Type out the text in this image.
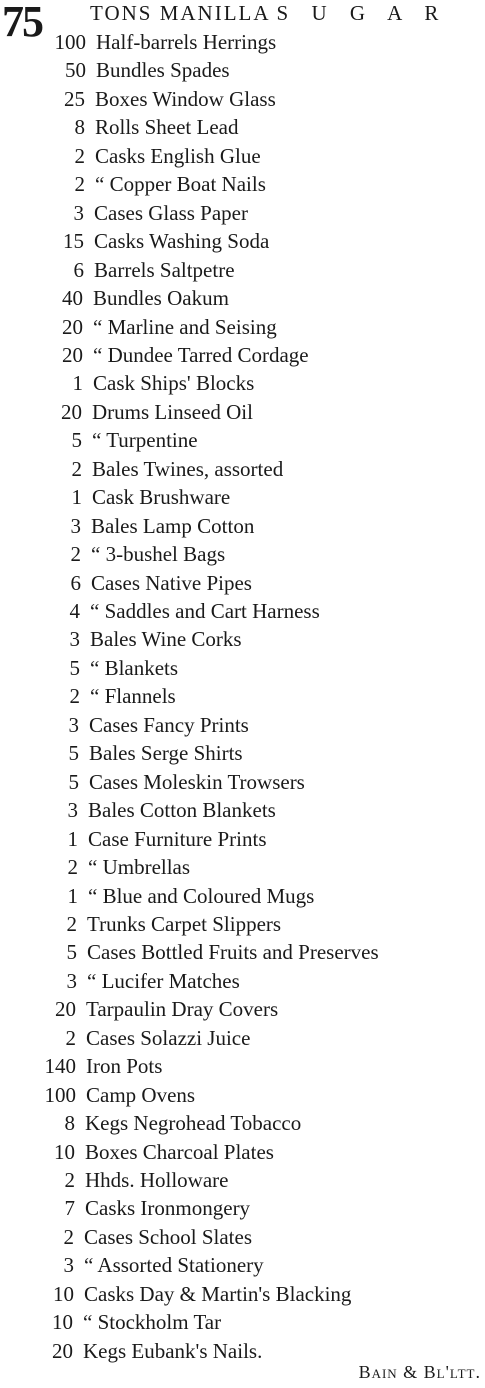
75 TONS MANILLA S U G A R
100 Half-barrels Herrings
50 Bundles Spades
25 Boxes Window Glass
8 Rolls Sheet Lead
2 Casks English Glue
2 “ Copper Boat Nails
3 Cases Glass Paper
15 Casks Washing Soda
6 Barrels Saltpetre
40 Bundles Oakum
20 “ Marline and Seising
20 “ Dundee Tarred Cordage
1 Cask Ships' Blocks
20 Drums Linseed Oil
5 “ Turpentine
2 Bales Twines, assorted
1 Cask Brushware
3 Bales Lamp Cotton
2 “ 3-bushel Bags
6 Cases Native Pipes
4 “ Saddles and Cart Harness
3 Bales Wine Corks
5 “ Blankets
2 “ Flannels
3 Cases Fancy Prints
5 Bales Serge Shirts
5 Cases Moleskin Trowsers
3 Bales Cotton Blankets
1 Case Furniture Prints
2 “ Umbrellas
1 “ Blue and Coloured Mugs
2 Trunks Carpet Slippers
5 Cases Bottled Fruits and Preserves
3 “ Lucifer Matches
20 Tarpaulin Dray Covers
2 Cases Solazzi Juice
140 Iron Pots
100 Camp Ovens
8 Kegs Negrohead Tobacco
10 Boxes Charcoal Plates
2 Hhds. Holloware
7 Casks Ironmongery
2 Cases School Slates
3 “ Assorted Stationery
10 Casks Day & Martin's Blacking
10 “ Stockholm Tar
20 Kegs Eubank's Nails.
Bain & Bl'ltt.
